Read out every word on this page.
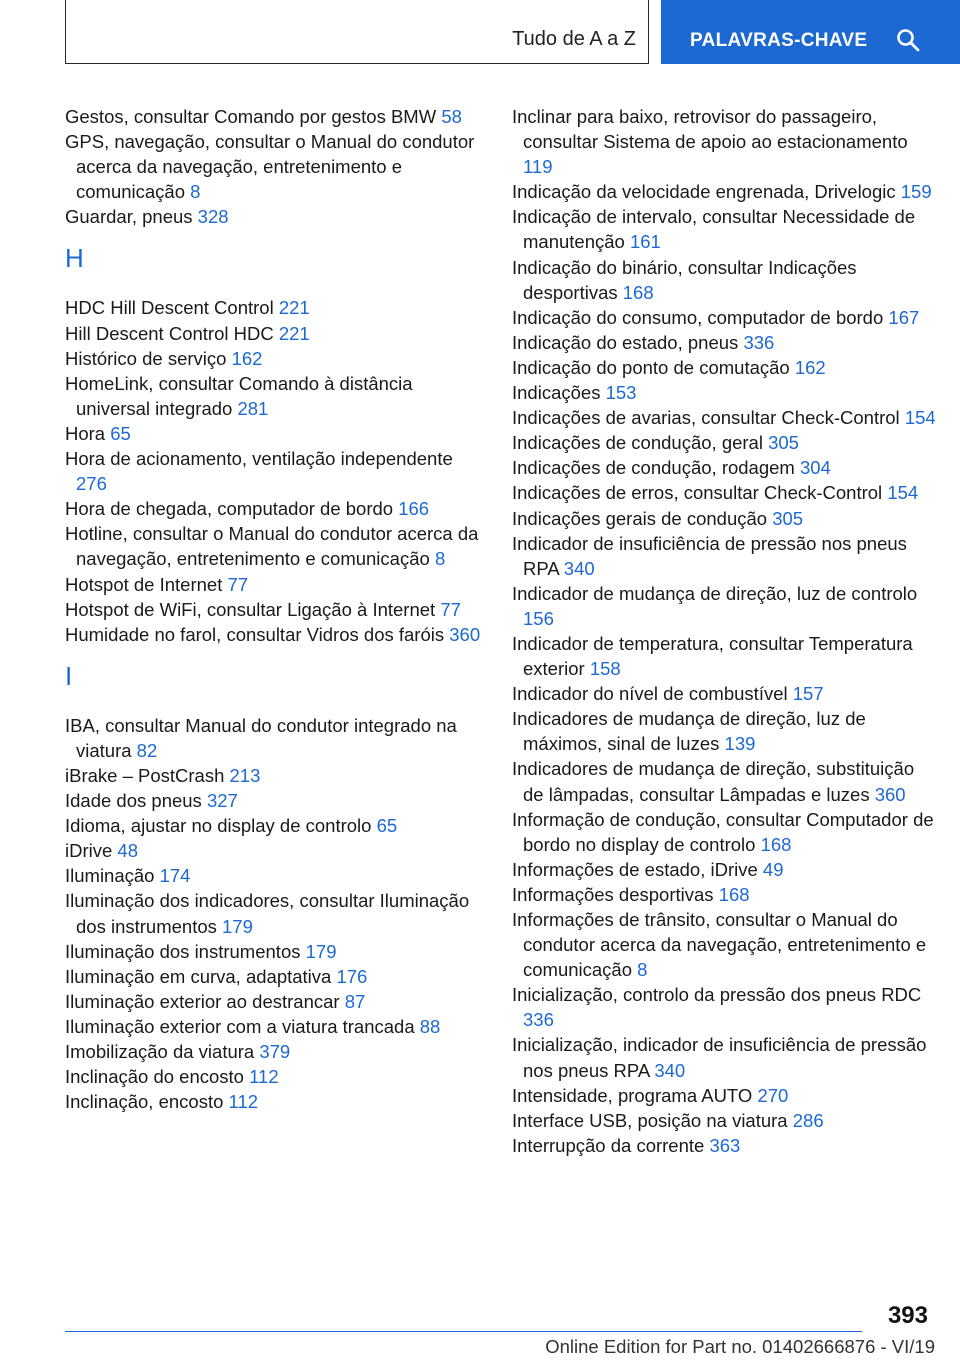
Tudo de A a Z	PALAVRAS-CHAVE
Gestos, consultar Comando por gestos BMW 58
GPS, navegação, consultar o Manual do condutor acerca da navegação, entretenimento e comunicação 8
Guardar, pneus 328
H
HDC Hill Descent Control 221
Hill Descent Control HDC 221
Histórico de serviço 162
HomeLink, consultar Comando à distância universal integrado 281
Hora 65
Hora de acionamento, ventilação independente 276
Hora de chegada, computador de bordo 166
Hotline, consultar o Manual do condutor acerca da navegação, entretenimento e comunicação 8
Hotspot de Internet 77
Hotspot de WiFi, consultar Ligação à Internet 77
Humidade no farol, consultar Vidros dos faróis 360
I
IBA, consultar Manual do condutor integrado na viatura 82
iBrake – PostCrash 213
Idade dos pneus 327
Idioma, ajustar no display de controlo 65
iDrive 48
Iluminação 174
Iluminação dos indicadores, consultar Iluminação dos instrumentos 179
Iluminação dos instrumentos 179
Iluminação em curva, adaptativa 176
Iluminação exterior ao destrancar 87
Iluminação exterior com a viatura trancada 88
Imobilização da viatura 379
Inclinação do encosto 112
Inclinação, encosto 112
Inclinar para baixo, retrovisor do passageiro, consultar Sistema de apoio ao estacionamento 119
Indicação da velocidade engrenada, Drivelogic 159
Indicação de intervalo, consultar Necessidade de manutenção 161
Indicação do binário, consultar Indicações desportivas 168
Indicação do consumo, computador de bordo 167
Indicação do estado, pneus 336
Indicação do ponto de comutação 162
Indicações 153
Indicações de avarias, consultar Check-Control 154
Indicações de condução, geral 305
Indicações de condução, rodagem 304
Indicações de erros, consultar Check-Control 154
Indicações gerais de condução 305
Indicador de insuficiência de pressão nos pneus RPA 340
Indicador de mudança de direção, luz de controlo 156
Indicador de temperatura, consultar Temperatura exterior 158
Indicador do nível de combustível 157
Indicadores de mudança de direção, luz de máximos, sinal de luzes 139
Indicadores de mudança de direção, substituição de lâmpadas, consultar Lâmpadas e luzes 360
Informação de condução, consultar Computador de bordo no display de controlo 168
Informações de estado, iDrive 49
Informações desportivas 168
Informações de trânsito, consultar o Manual do condutor acerca da navegação, entretenimento e comunicação 8
Inicialização, controlo da pressão dos pneus RDC 336
Inicialização, indicador de insuficiência de pressão nos pneus RPA 340
Intensidade, programa AUTO 270
Interface USB, posição na viatura 286
Interrupção da corrente 363
393
Online Edition for Part no. 01402666876 - VI/19
